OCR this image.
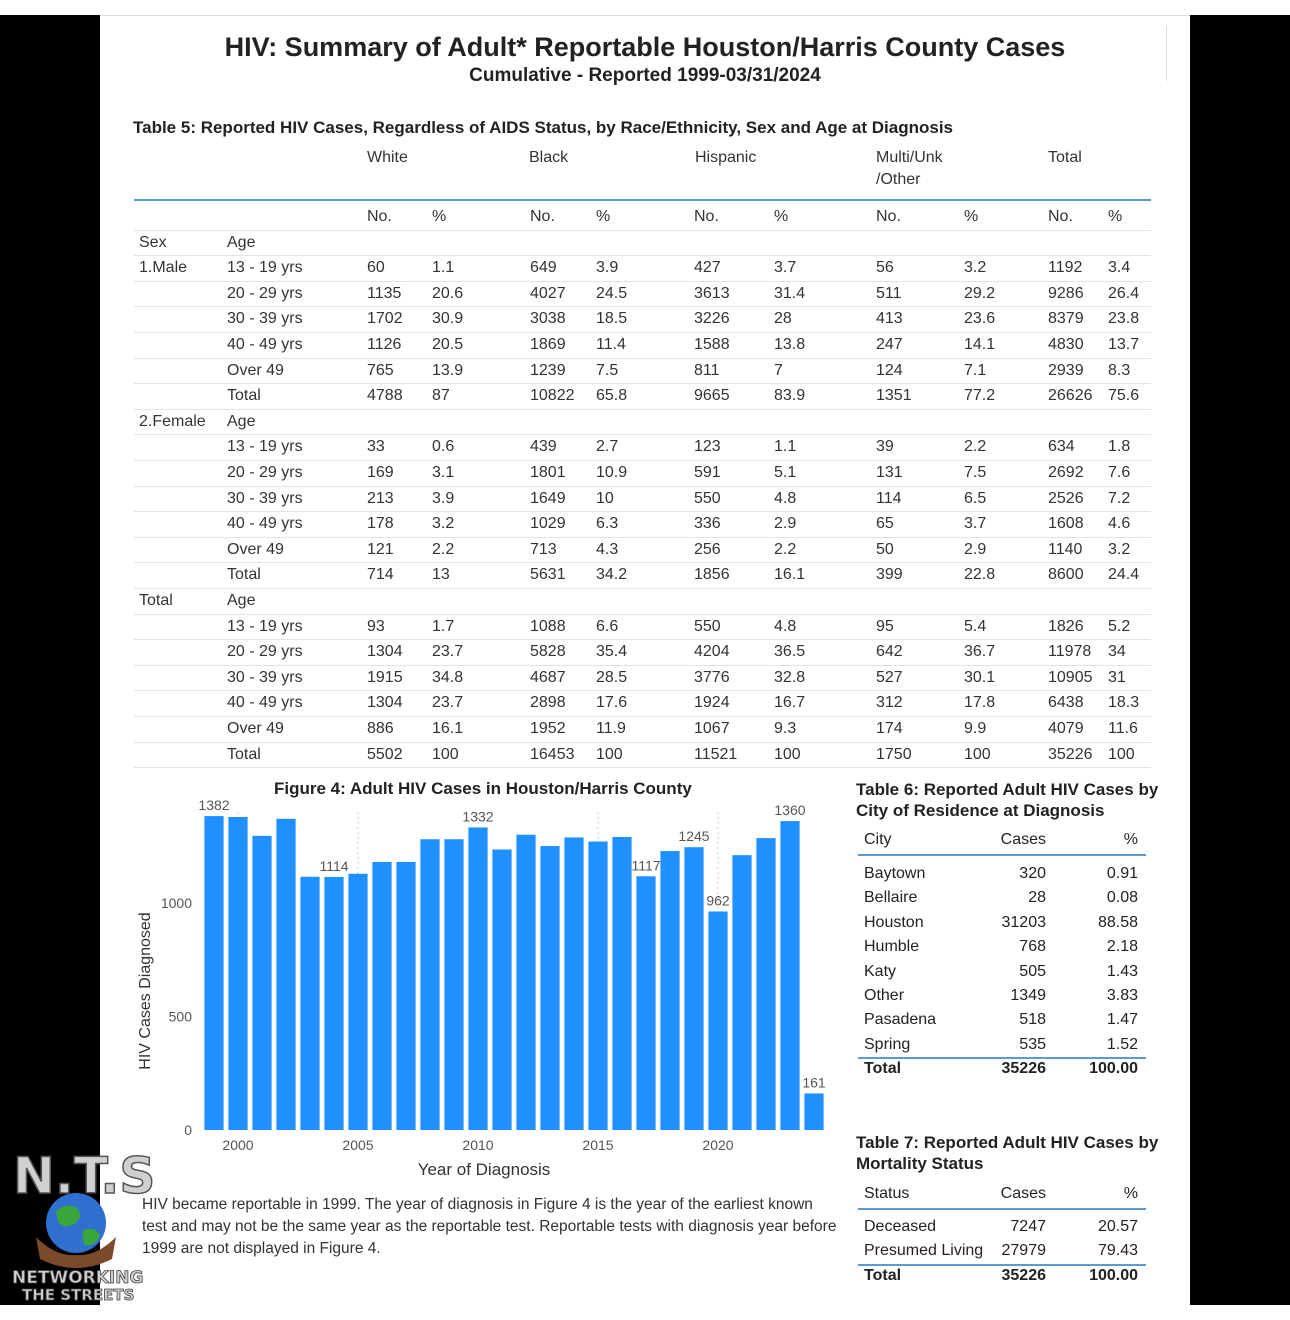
HIV: Summary of Adult* Reportable Houston/Harris County Cases
Cumulative - Reported 1999-03/31/2024
Table 5: Reported HIV Cases, Regardless of AIDS Status, by Race/Ethnicity, Sex and Age at Diagnosis
White	Black	Hispanic	Multi/Unk
/Other
Total
No.	%	No.	%	No.	%	No.	%	No. %
Sex	Age
1.Male 13 - 19 yrs	60	1.1	649 3.9	427	3.7	56	3.2	1192 3.4
20 - 29 yrs	1135 20.6	4027 24.5	3613	31.4	511	29.2	9286 26.4
30 - 39 yrs	1702 30.9	3038 18.5	3226	28	413	23.6	8379 23.8
40 - 49 yrs	1126 20.5	1869 11.4	1588	13.8	247	14.1	4830 13.7
Over 49	765 13.9	1239 7.5	811	7	124	7.1	2939 8.3
Total	4788 87	10822 65.8	9665	83.9	1351	77.2	26626 75.6
2.Female Age
13 - 19 yrs	33	0.6	439 2.7	123	1.1	39	2.2	634 1.8
20 - 29 yrs	169 3.1	1801 10.9	591	5.1	131	7.5	2692 7.6
30 - 39 yrs	213 3.9	1649 10	550	4.8	114	6.5	2526 7.2
40 - 49 yrs	178 3.2	1029 6.3	336	2.9	65	3.7	1608 4.6
Over 49	121 2.2	713 4.3	256	2.2	50	2.9	1140 3.2
Total	714 13	5631 34.2	1856	16.1	399	22.8	8600 24.4
Total	Age
13 - 19 yrs	93	1.7	1088 6.6	550	4.8	95	5.4	1826 5.2
20 - 29 yrs	1304 23.7	5828 35.4	4204	36.5	642	36.7	11978 34
30 - 39 yrs	1915 34.8	4687 28.5	3776	32.8	527	30.1	10905 31
40 - 49 yrs	1304 23.7	2898 17.6	1924	16.7	312	17.8	6438 18.3
Over 49	886 16.1	1952 11.9	1067	9.3	174	9.9	4079 11.6
Total	5502 100	16453 100	11521 100	1750	100	35226 100
Figure 4: Adult HIV Cases in Houston/Harris County
1382
1114
1332
1117
1245
962
1360
161
0
500
1000
2000	2005	2010	2015	2020
Year of Diagnosis
HIV Cases Diagnosed
HIV became reportable in 1999. The year of diagnosis in Figure 4 is the year of the earliest known test and may not be the same year as the reportable test. Reportable tests with diagnosis year before 1999 are not displayed in Figure 4.
Table 6: Reported Adult HIV Cases by
City of Residence at Diagnosis
City	Cases	%
Baytown	320	0.91
Bellaire	28	0.08
Houston	31203	88.58
Humble	768	2.18
Katy	505	1.43
Other	1349	3.83
Pasadena	518	1.47
Spring	535	1.52
Total	35226	100.00
Table 7: Reported Adult HIV Cases by
Mortality Status
Status	Cases	%
Deceased	7247	20.57
Presumed Living 27979	79.43
Total	35226	100.00
N.T.S
NETWORKING
THE STREETS
